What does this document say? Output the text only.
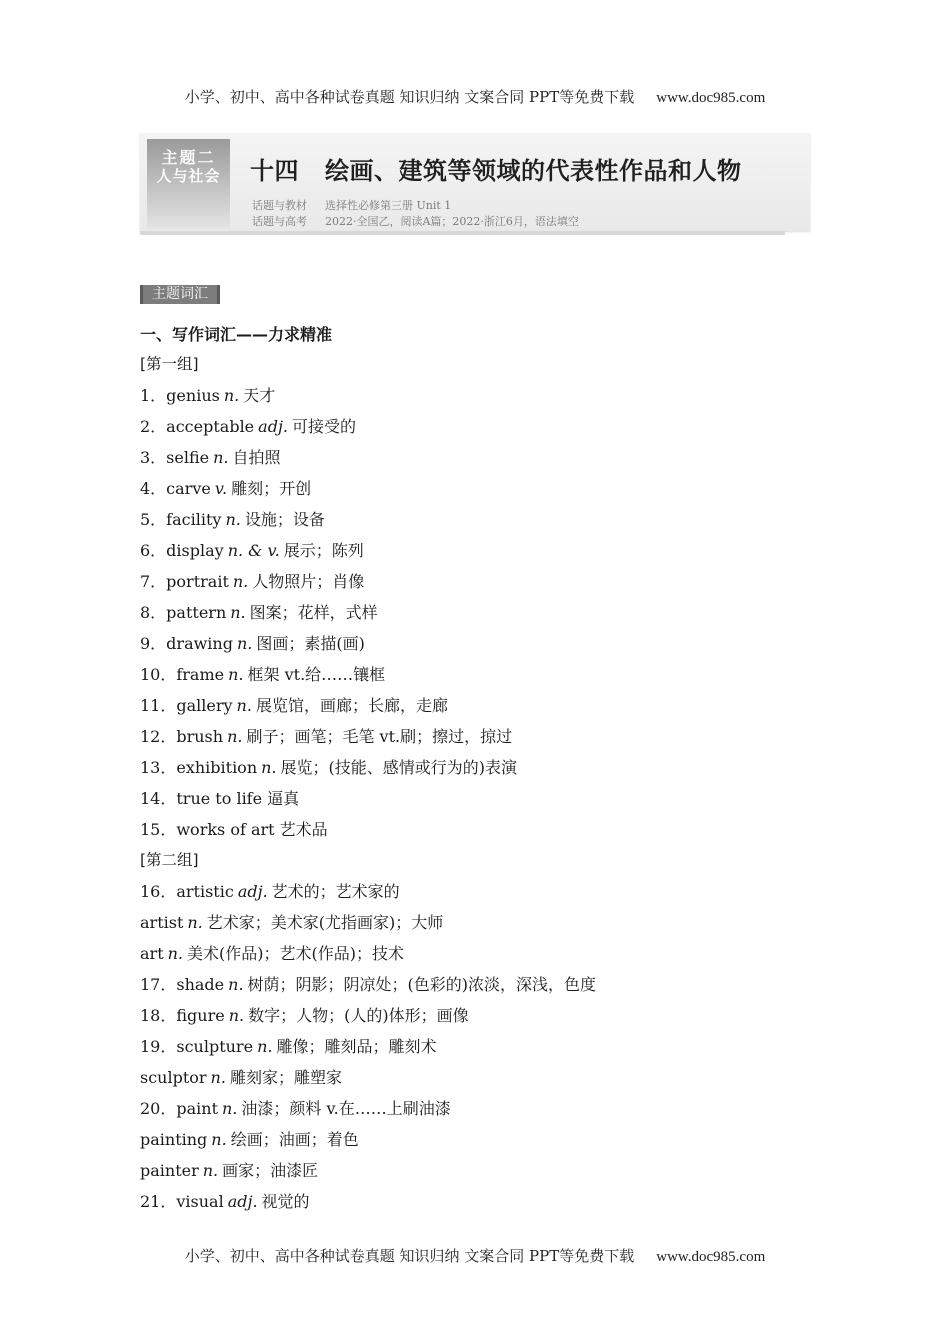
小学、初中、高中各种试卷真题 知识归纳 文案合同 PPT等免费下载 www.doc985.com
主题二
人与社会	十四 绘画、建筑等领域的代表性作品和人物
话题与教材 选择性必修第三册 Unit 1
话题与高考 2022·全国乙，阅读A篇；2022·浙江6月，语法填空
主题词汇
一、写作词汇——力求精准
[第一组]
1．genius n. 天才
2．acceptable adj. 可接受的
3．selfie n. 自拍照
4．carve v. 雕刻；开创
5．facility n. 设施；设备
6．display n. & v. 展示；陈列
7．portrait n. 人物照片；肖像
8．pattern n. 图案；花样，式样
9．drawing n. 图画；素描(画)
10．frame n. 框架 vt.给……镶框
11．gallery n. 展览馆，画廊；长廊，走廊
12．brush n. 刷子；画笔；毛笔 vt.刷；擦过，掠过
13．exhibition n. 展览；(技能、感情或行为的)表演
14．true to life 逼真
15．works of art 艺术品
[第二组]
16．artistic adj. 艺术的；艺术家的
artist n. 艺术家；美术家(尤指画家)；大师
art n. 美术(作品)；艺术(作品)；技术
17．shade n. 树荫；阴影；阴凉处；(色彩的)浓淡，深浅，色度
18．figure n. 数字；人物；(人的)体形；画像
19．sculpture n. 雕像；雕刻品；雕刻术
sculptor n. 雕刻家；雕塑家
20．paint n. 油漆；颜料 v.在……上刷油漆
painting n. 绘画；油画；着色
painter n. 画家；油漆匠
21．visual adj. 视觉的
小学、初中、高中各种试卷真题 知识归纳 文案合同 PPT等免费下载 www.doc985.com
